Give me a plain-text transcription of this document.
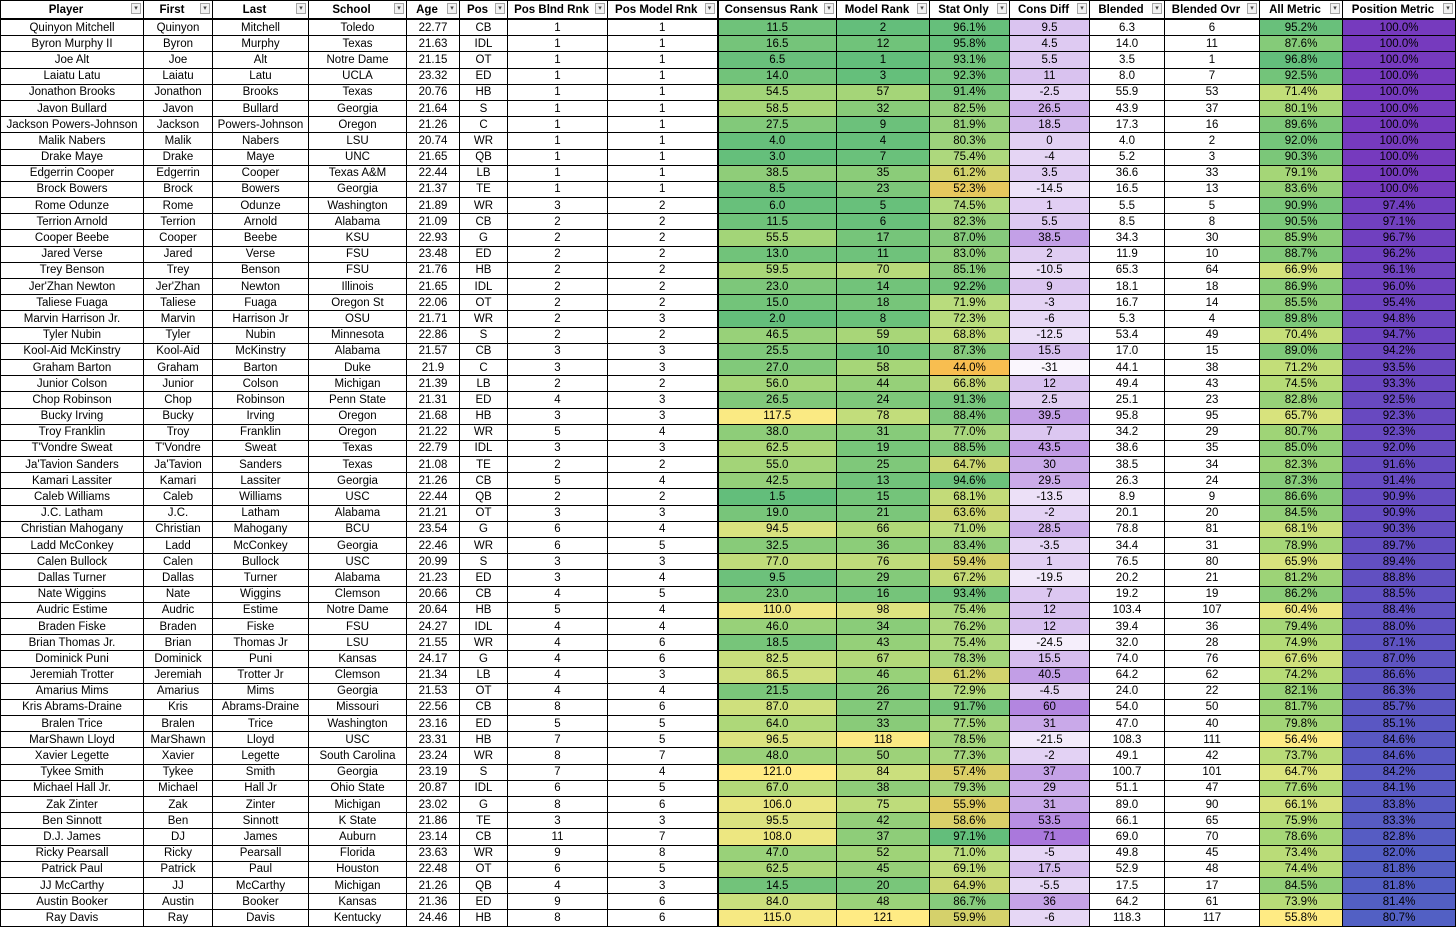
Player ▾	First ▾	Last ▾	School ▾	Age ▾	Pos ▾	Pos Blnd Rnk ▾	Pos Model Rnk ▾	Consensus Rank ▾	Model Rank ▾	Stat Only ▾	Cons Diff ▾	Blended ▾	Blended Ovr ▾	All Metric ▾	Position Metric ▾

Quinyon Mitchell	Quinyon	Mitchell	Toledo	22.77	CB	1	1	11.5	2	96.1%	9.5	6.3	6	95.2%	100.0%
Byron Murphy II	Byron	Murphy	Texas	21.63	IDL	1	1	16.5	12	95.8%	4.5	14.0	11	87.6%	100.0%
Joe Alt	Joe	Alt	Notre Dame	21.15	OT	1	1	6.5	1	93.1%	5.5	3.5	1	96.8%	100.0%
Laiatu Latu	Laiatu	Latu	UCLA	23.32	ED	1	1	14.0	3	92.3%	11	8.0	7	92.5%	100.0%
Jonathon Brooks	Jonathon	Brooks	Texas	20.76	HB	1	1	54.5	57	91.4%	-2.5	55.9	53	71.4%	100.0%
Javon Bullard	Javon	Bullard	Georgia	21.64	S	1	1	58.5	32	82.5%	26.5	43.9	37	80.1%	100.0%
Jackson Powers-Johnson	Jackson	Powers-Johnson	Oregon	21.26	C	1	1	27.5	9	81.9%	18.5	17.3	16	89.6%	100.0%
Malik Nabers	Malik	Nabers	LSU	20.74	WR	1	1	4.0	4	80.3%	0	4.0	2	92.0%	100.0%
Drake Maye	Drake	Maye	UNC	21.65	QB	1	1	3.0	7	75.4%	-4	5.2	3	90.3%	100.0%
Edgerrin Cooper	Edgerrin	Cooper	Texas A&M	22.44	LB	1	1	38.5	35	61.2%	3.5	36.6	33	79.1%	100.0%
Brock Bowers	Brock	Bowers	Georgia	21.37	TE	1	1	8.5	23	52.3%	-14.5	16.5	13	83.6%	100.0%
Rome Odunze	Rome	Odunze	Washington	21.89	WR	3	2	6.0	5	74.5%	1	5.5	5	90.9%	97.4%
Terrion Arnold	Terrion	Arnold	Alabama	21.09	CB	2	2	11.5	6	82.3%	5.5	8.5	8	90.5%	97.1%
Cooper Beebe	Cooper	Beebe	KSU	22.93	G	2	2	55.5	17	87.0%	38.5	34.3	30	85.9%	96.7%
Jared Verse	Jared	Verse	FSU	23.48	ED	2	2	13.0	11	83.0%	2	11.9	10	88.7%	96.2%
Trey Benson	Trey	Benson	FSU	21.76	HB	2	2	59.5	70	85.1%	-10.5	65.3	64	66.9%	96.1%
Jer'Zhan Newton	Jer'Zhan	Newton	Illinois	21.65	IDL	2	2	23.0	14	92.2%	9	18.1	18	86.9%	96.0%
Taliese Fuaga	Taliese	Fuaga	Oregon St	22.06	OT	2	2	15.0	18	71.9%	-3	16.7	14	85.5%	95.4%
Marvin Harrison Jr.	Marvin	Harrison Jr	OSU	21.71	WR	2	3	2.0	8	72.3%	-6	5.3	4	89.8%	94.8%
Tyler Nubin	Tyler	Nubin	Minnesota	22.86	S	2	2	46.5	59	68.8%	-12.5	53.4	49	70.4%	94.7%
Kool-Aid McKinstry	Kool-Aid	McKinstry	Alabama	21.57	CB	3	3	25.5	10	87.3%	15.5	17.0	15	89.0%	94.2%
Graham Barton	Graham	Barton	Duke	21.9	C	3	3	27.0	58	44.0%	-31	44.1	38	71.2%	93.5%
Junior Colson	Junior	Colson	Michigan	21.39	LB	2	2	56.0	44	66.8%	12	49.4	43	74.5%	93.3%
Chop Robinson	Chop	Robinson	Penn State	21.31	ED	4	3	26.5	24	91.3%	2.5	25.1	23	82.8%	92.5%
Bucky Irving	Bucky	Irving	Oregon	21.68	HB	3	3	117.5	78	88.4%	39.5	95.8	95	65.7%	92.3%
Troy Franklin	Troy	Franklin	Oregon	21.22	WR	5	4	38.0	31	77.0%	7	34.2	29	80.7%	92.3%
T'Vondre Sweat	T'Vondre	Sweat	Texas	22.79	IDL	3	3	62.5	19	88.5%	43.5	38.6	35	85.0%	92.0%
Ja'Tavion Sanders	Ja'Tavion	Sanders	Texas	21.08	TE	2	2	55.0	25	64.7%	30	38.5	34	82.3%	91.6%
Kamari Lassiter	Kamari	Lassiter	Georgia	21.26	CB	5	4	42.5	13	94.6%	29.5	26.3	24	87.3%	91.4%
Caleb Williams	Caleb	Williams	USC	22.44	QB	2	2	1.5	15	68.1%	-13.5	8.9	9	86.6%	90.9%
J.C. Latham	J.C.	Latham	Alabama	21.21	OT	3	3	19.0	21	63.6%	-2	20.1	20	84.5%	90.9%
Christian Mahogany	Christian	Mahogany	BCU	23.54	G	6	4	94.5	66	71.0%	28.5	78.8	81	68.1%	90.3%
Ladd McConkey	Ladd	McConkey	Georgia	22.46	WR	6	5	32.5	36	83.4%	-3.5	34.4	31	78.9%	89.7%
Calen Bullock	Calen	Bullock	USC	20.99	S	3	3	77.0	76	59.4%	1	76.5	80	65.9%	89.4%
Dallas Turner	Dallas	Turner	Alabama	21.23	ED	3	4	9.5	29	67.2%	-19.5	20.2	21	81.2%	88.8%
Nate Wiggins	Nate	Wiggins	Clemson	20.66	CB	4	5	23.0	16	93.4%	7	19.2	19	86.2%	88.5%
Audric Estime	Audric	Estime	Notre Dame	20.64	HB	5	4	110.0	98	75.4%	12	103.4	107	60.4%	88.4%
Braden Fiske	Braden	Fiske	FSU	24.27	IDL	4	4	46.0	34	76.2%	12	39.4	36	79.4%	88.0%
Brian Thomas Jr.	Brian	Thomas Jr	LSU	21.55	WR	4	6	18.5	43	75.4%	-24.5	32.0	28	74.9%	87.1%
Dominick Puni	Dominick	Puni	Kansas	24.17	G	4	6	82.5	67	78.3%	15.5	74.0	76	67.6%	87.0%
Jeremiah Trotter	Jeremiah	Trotter Jr	Clemson	21.34	LB	4	3	86.5	46	61.2%	40.5	64.2	62	74.2%	86.6%
Amarius Mims	Amarius	Mims	Georgia	21.53	OT	4	4	21.5	26	72.9%	-4.5	24.0	22	82.1%	86.3%
Kris Abrams-Draine	Kris	Abrams-Draine	Missouri	22.56	CB	8	6	87.0	27	91.7%	60	54.0	50	81.7%	85.7%
Bralen Trice	Bralen	Trice	Washington	23.16	ED	5	5	64.0	33	77.5%	31	47.0	40	79.8%	85.1%
MarShawn Lloyd	MarShawn	Lloyd	USC	23.31	HB	7	5	96.5	118	78.5%	-21.5	108.3	111	56.4%	84.6%
Xavier Legette	Xavier	Legette	South Carolina	23.24	WR	8	7	48.0	50	77.3%	-2	49.1	42	73.7%	84.6%
Tykee Smith	Tykee	Smith	Georgia	23.19	S	7	4	121.0	84	57.4%	37	100.7	101	64.7%	84.2%
Michael Hall Jr.	Michael	Hall Jr	Ohio State	20.87	IDL	6	5	67.0	38	79.3%	29	51.1	47	77.6%	84.1%
Zak Zinter	Zak	Zinter	Michigan	23.02	G	8	6	106.0	75	55.9%	31	89.0	90	66.1%	83.8%
Ben Sinnott	Ben	Sinnott	K State	21.86	TE	3	3	95.5	42	58.6%	53.5	66.1	65	75.9%	83.3%
D.J. James	DJ	James	Auburn	23.14	CB	11	7	108.0	37	97.1%	71	69.0	70	78.6%	82.8%
Ricky Pearsall	Ricky	Pearsall	Florida	23.63	WR	9	8	47.0	52	71.0%	-5	49.8	45	73.4%	82.0%
Patrick Paul	Patrick	Paul	Houston	22.48	OT	6	5	62.5	45	69.1%	17.5	52.9	48	74.4%	81.8%
JJ McCarthy	JJ	McCarthy	Michigan	21.26	QB	4	3	14.5	20	64.9%	-5.5	17.5	17	84.5%	81.8%
Austin Booker	Austin	Booker	Kansas	21.36	ED	9	6	84.0	48	86.7%	36	64.2	61	73.9%	81.4%
Ray Davis	Ray	Davis	Kentucky	24.46	HB	8	6	115.0	121	59.9%	-6	118.3	117	55.8%	80.7%
